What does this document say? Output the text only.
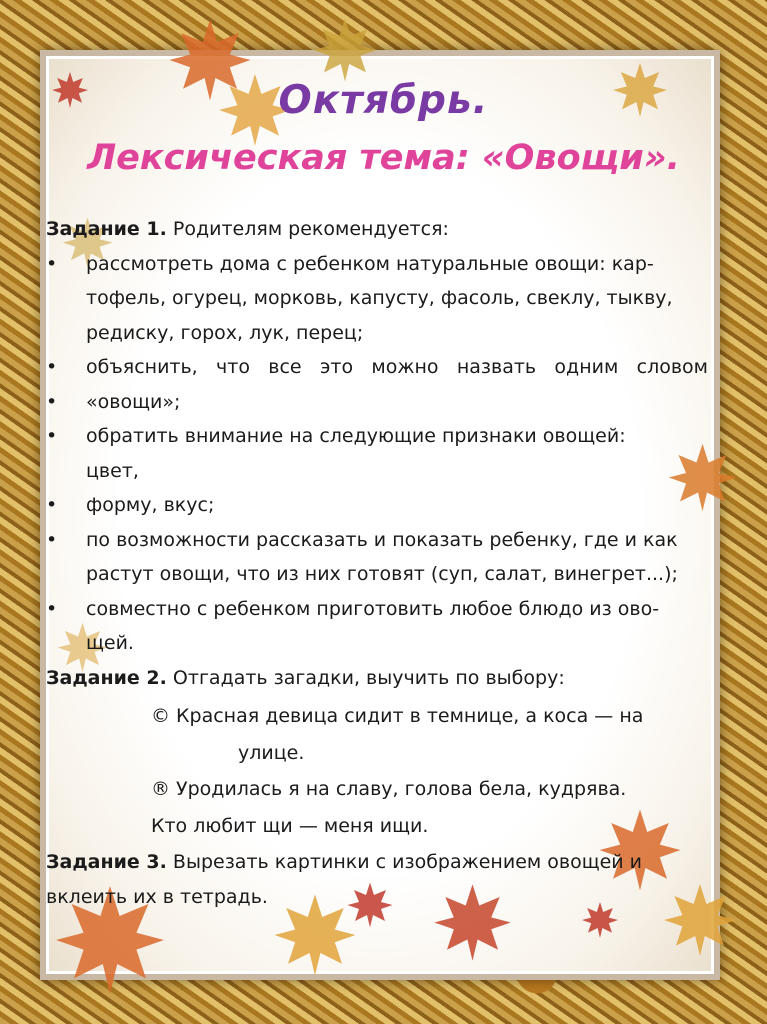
Октябрь.
Лексическая тема: «Овощи».

Задание 1. Родителям рекомендуется:

• рассмотреть дома с ребенком натуральные овощи: кар-

тофель, огурец, морковь, капусту, фасоль, свеклу, тыкву,

редиску, горох, лук, перец;

• объяснить, что все это можно назвать одним словом

• «овощи»;

• обратить внимание на следующие признаки овощей:

цвет,

• форму, вкус;

• по возможности рассказать и показать ребенку, где и как

растут овощи, что из них готовят (суп, салат, винегрет...);

• совместно с ребенком приготовить любое блюдо из ово-

щей.

Задание 2. Отгадать загадки, выучить по выбору:

© Красная девица сидит в темнице, а коса — на

улице.

® Уродилась я на славу, голова бела, кудрява.

Кто любит щи — меня ищи.

Задание 3. Вырезать картинки с изображением овощей и

вклеить их в тетрадь.
